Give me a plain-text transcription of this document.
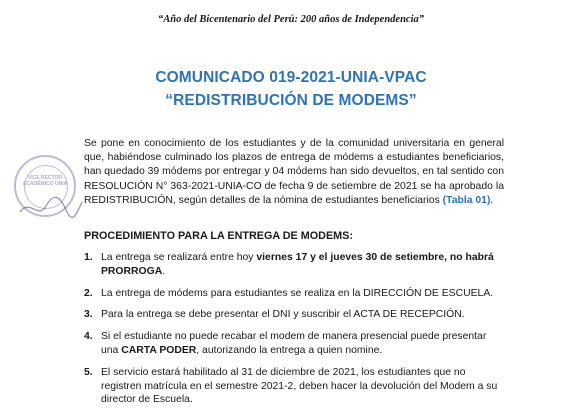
“Año del Bicentenario del Perú: 200 años de Independencia”
COMUNICADO 019-2021-UNIA-VPAC
“REDISTRIBUCIÓN DE MODEMS”
VICE RECTOR ACADÉMICO UNIA
Se pone en conocimiento de los estudiantes y de la comunidad universitaria en general que, habiéndose culminado los plazos de entrega de módems a estudiantes beneficiarios, han quedado 39 módems por entregar y 04 módems han sido devueltos, en tal sentido con RESOLUCIÓN N° 363-2021-UNIA-CO de fecha 9 de setiembre de 2021 se ha aprobado la REDISTRIBUCIÓN, según detalles de la nómina de estudiantes beneficiarios (Tabla 01).
PROCEDIMIENTO PARA LA ENTREGA DE MODEMS:
1. La entrega se realizará entre hoy viernes 17 y el jueves 30 de setiembre, no habrá PRORROGA.
2. La entrega de módems para estudiantes se realiza en la DIRECCIÓN DE ESCUELA.
3. Para la entrega se debe presentar el DNI y suscribir el ACTA DE RECEPCIÓN.
4. Si el estudiante no puede recabar el modem de manera presencial puede presentar una CARTA PODER, autorizando la entrega a quien nomine.
5. El servicio estará habilitado al 31 de diciembre de 2021, los estudiantes que no registren matrícula en el semestre 2021-2, deben hacer la devolución del Modem a su director de Escuela.
